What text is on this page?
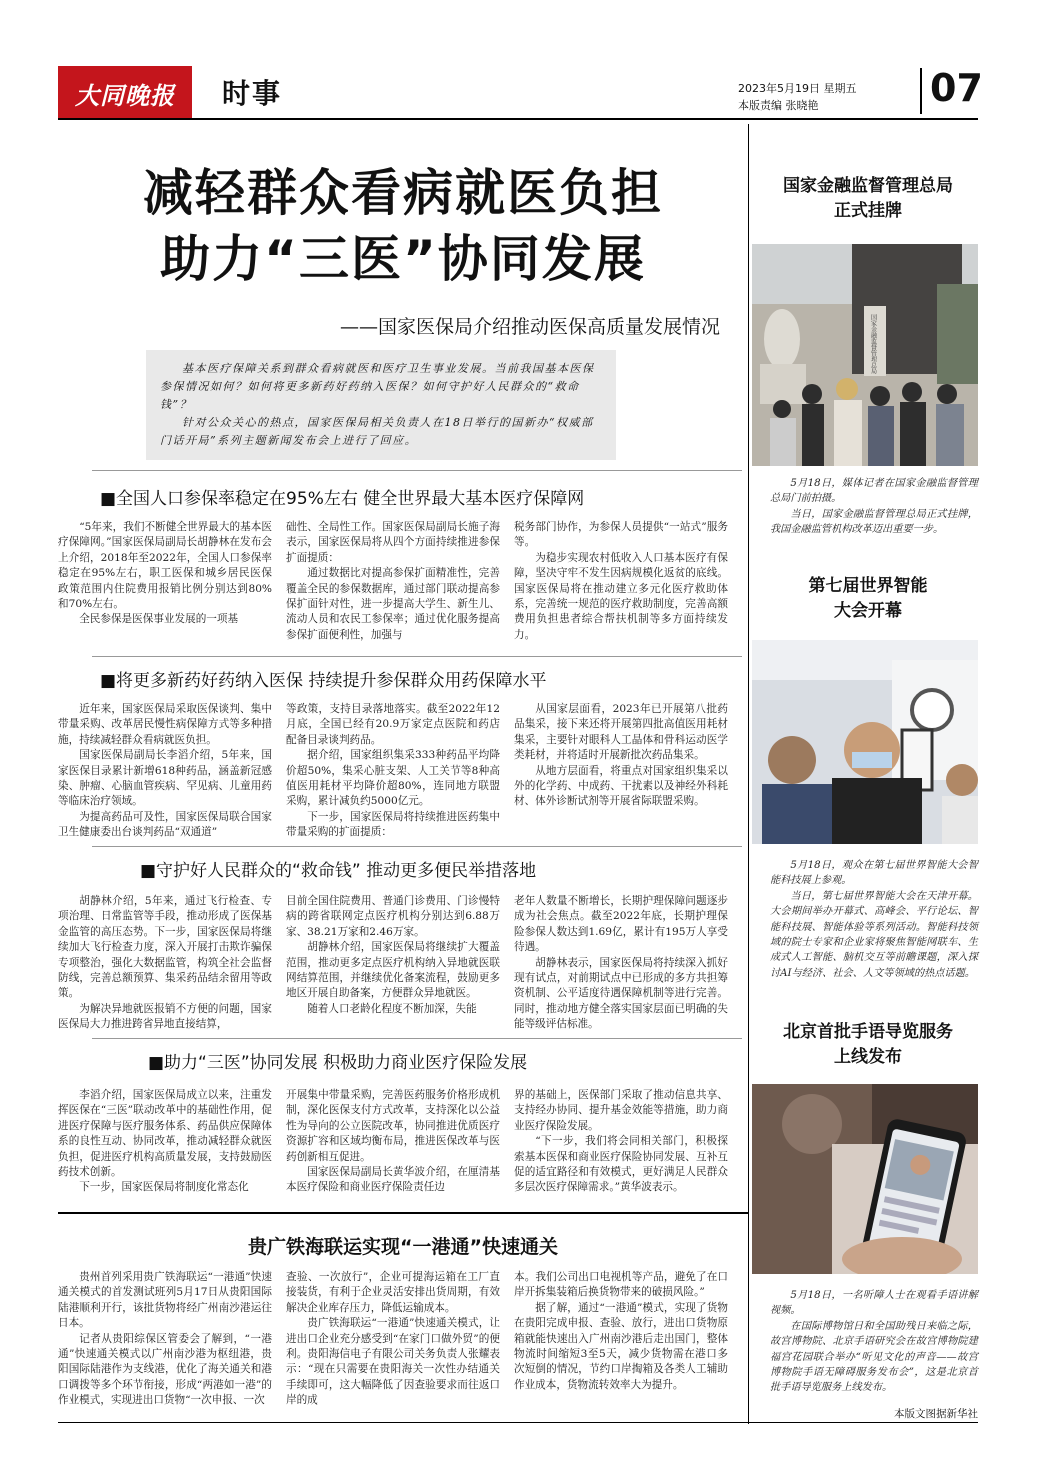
大同晚报 时事	2023年5月19日 星期五
本版责编 张晓艳	07
减轻群众看病就医负担
助力“三医”协同发展
——国家医保局介绍推动医保高质量发展情况

基本医疗保障关系到群众看病就医和医疗卫生事业发展。当前我国基本医保参保情况如何？如何将更多新药好药纳入医保？如何守护好人民群众的“救命钱”？

针对公众关心的热点，国家医保局相关负责人在18日举行的国新办“权威部门话开局”系列主题新闻发布会上进行了回应。

■全国人口参保率稳定在95%左右 健全世界最大基本医疗保障网

“5年来，我们不断健全世界最大的基本医疗保障网。”国家医保局副局长胡静林在发布会上介绍，2018年至2022年，全国人口参保率稳定在95%左右，职工医保和城乡居民医保政策范围内住院费用报销比例分别达到80%和70%左右。

全民参保是医保事业发展的一项基

础性、全局性工作。国家医保局副局长施子海表示，国家医保局将从四个方面持续推进参保扩面提质：

通过数据比对提高参保扩面精准性，完善覆盖全民的参保数据库，通过部门联动提高参保扩面针对性，进一步提高大学生、新生儿、流动人员和农民工参保率；通过优化服务提高参保扩面便利性，加强与

税务部门协作，为参保人员提供“一站式”服务等。

为稳步实现农村低收入人口基本医疗有保障，坚决守牢不发生因病规模化返贫的底线。国家医保局将在推动建立多元化医疗救助体系，完善统一规范的医疗救助制度，完善高额费用负担患者综合帮扶机制等多方面持续发力。

■将更多新药好药纳入医保 持续提升参保群众用药保障水平

近年来，国家医保局采取医保谈判、集中带量采购、改革居民慢性病保障方式等多种措施，持续减轻群众看病就医负担。

国家医保局副局长李滔介绍，5年来，国家医保目录累计新增618种药品，涵盖新冠感染、肿瘤、心脑血管疾病、罕见病、儿童用药等临床治疗领域。

为提高药品可及性，国家医保局联合国家卫生健康委出台谈判药品“双通道”

等政策，支持目录落地落实。截至2022年12月底，全国已经有20.9万家定点医院和药店配备目录谈判药品。

据介绍，国家组织集采333种药品平均降价超50%，集采心脏支架、人工关节等8种高值医用耗材平均降价超80%，连同地方联盟采购，累计减负约5000亿元。

下一步，国家医保局将持续推进医药集中带量采购的扩面提质：

从国家层面看，2023年已开展第八批药品集采，接下来还将开展第四批高值医用耗材集采，主要针对眼科人工晶体和骨科运动医学类耗材，并将适时开展新批次药品集采。

从地方层面看，将重点对国家组织集采以外的化学药、中成药、干扰素以及神经外科耗材、体外诊断试剂等开展省际联盟采购。

■守护好人民群众的“救命钱” 推动更多便民举措落地

胡静林介绍，5年来，通过飞行检查、专项治理、日常监管等手段，推动形成了医保基金监管的高压态势。下一步，国家医保局将继续加大飞行检查力度，深入开展打击欺诈骗保专项整治，强化大数据监管，构筑全社会监督防线，完善总额预算、集采药品结余留用等政策。

为解决异地就医报销不方便的问题，国家医保局大力推进跨省异地直接结算，

目前全国住院费用、普通门诊费用、门诊慢特病的跨省联网定点医疗机构分别达到6.88万家、38.21万家和2.46万家。

胡静林介绍，国家医保局将继续扩大覆盖范围，推动更多定点医疗机构纳入异地就医联网结算范围，并继续优化备案流程，鼓励更多地区开展自助备案，方便群众异地就医。

随着人口老龄化程度不断加深，失能

老年人数量不断增长，长期护理保障问题逐步成为社会焦点。截至2022年底，长期护理保险参保人数达到1.69亿，累计有195万人享受待遇。

胡静林表示，国家医保局将持续深入抓好现有试点，对前期试点中已形成的多方共担筹资机制、公平适度待遇保障机制等进行完善。同时，推动地方健全落实国家层面已明确的失能等级评估标准。

■助力“三医”协同发展 积极助力商业医疗保险发展

李滔介绍，国家医保局成立以来，注重发挥医保在“三医”联动改革中的基础性作用，促进医疗保障与医疗服务体系、药品供应保障体系的良性互动、协同改革，推动减轻群众就医负担，促进医疗机构高质量发展，支持鼓励医药技术创新。

下一步，国家医保局将制度化常态化

开展集中带量采购，完善医药服务价格形成机制，深化医保支付方式改革，支持深化以公益性为导向的公立医院改革，协同推进优质医疗资源扩容和区域均衡布局，推进医保改革与医药创新相互促进。

国家医保局副局长黄华波介绍，在厘清基本医疗保险和商业医疗保险责任边

界的基础上，医保部门采取了推动信息共享、支持经办协同、提升基金效能等措施，助力商业医疗保险发展。

“下一步，我们将会同相关部门，积极探索基本医保和商业医疗保险协同发展、互补互促的适宜路径和有效模式，更好满足人民群众多层次医疗保障需求。”黄华波表示。

贵广铁海联运实现“一港通”快速通关

贵州首列采用贵广铁海联运“一港通”快速通关模式的首发测试班列5月17日从贵阳国际陆港顺利开行，该批货物将经广州南沙港运往日本。

记者从贵阳综保区管委会了解到，“一港通”快速通关模式以广州南沙港为枢纽港，贵阳国际陆港作为支线港，优化了海关通关和港口调拨等多个环节衔接，形成“两港如一港”的作业模式，实现进出口货物“一次申报、一次

查验、一次放行”，企业可提海运箱在工厂直接装货，有利于企业灵活安排出货周期，有效解决企业库存压力，降低运输成本。

贵广铁海联运“一港通”快速通关模式，让进出口企业充分感受到“在家门口做外贸”的便利。贵阳海信电子有限公司关务负责人张耀表示：“现在只需要在贵阳海关一次性办结通关手续即可，这大幅降低了因查验要求而往返口岸的成

本。我们公司出口电视机等产品，避免了在口岸开拆集装箱后换货物带来的破损风险。”

据了解，通过“一港通”模式，实现了货物在贵阳完成申报、查验、放行，进出口货物原箱就能快速出入广州南沙港后走出国门，整体物流时间缩短3至5天，减少货物需在港口多次短倒的情况，节约口岸掏箱及各类人工辅助作业成本，货物流转效率大为提升。

国家金融监督管理总局
正式挂牌
国家金融监督管理总局

5月18日，媒体记者在国家金融监督管理总局门前拍摄。

当日，国家金融监督管理总局正式挂牌，我国金融监管机构改革迈出重要一步。

第七届世界智能
大会开幕

5月18日，观众在第七届世界智能大会智能科技展上参观。

当日，第七届世界智能大会在天津开幕。大会期间举办开幕式、高峰会、平行论坛、智能科技展、智能体验等系列活动。智能科技领域的院士专家和企业家将聚焦智能网联车、生成式人工智能、脑机交互等前瞻课题，深入探讨AI与经济、社会、人文等领域的热点话题。

北京首批手语导览服务
上线发布

5月18日，一名听障人士在观看手语讲解视频。

在国际博物馆日和全国助残日来临之际，故宫博物院、北京手语研究会在故宫博物院建福宫花园联合举办“听见文化的声音——故宫博物院手语无障碍服务发布会”，这是北京首批手语导览服务上线发布。

本版文图据新华社
